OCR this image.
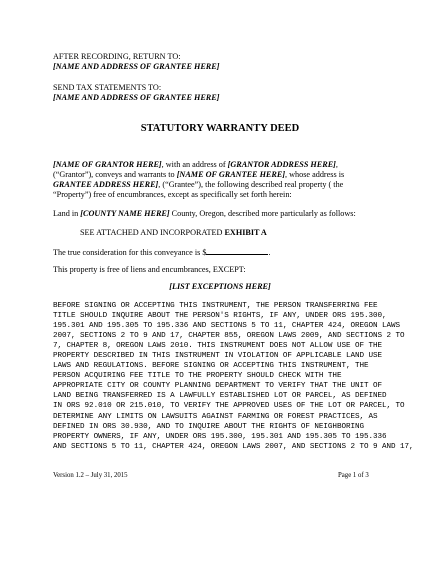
AFTER RECORDING, RETURN TO:
[NAME AND ADDRESS OF GRANTEE HERE]
SEND TAX STATEMENTS TO:
[NAME AND ADDRESS OF GRANTEE HERE]
STATUTORY WARRANTY DEED
[NAME OF GRANTOR HERE], with an address of [GRANTOR ADDRESS HERE],
(“Grantor”), conveys and warrants to [NAME OF GRANTEE HERE], whose address is
GRANTEE ADDRESS HERE], (“Grantee”), the following described real property ( the
“Property”) free of encumbrances, except as specifically set forth herein:
Land in [COUNTY NAME HERE] County, Oregon, described more particularly as follows:
SEE ATTACHED AND INCORPORATED EXHIBIT A
The true consideration for this conveyance is $	.
This property is free of liens and encumbrances, EXCEPT:
[LIST EXCEPTIONS HERE]
BEFORE SIGNING OR ACCEPTING THIS INSTRUMENT, THE PERSON TRANSFERRING FEE
TITLE SHOULD INQUIRE ABOUT THE PERSON'S RIGHTS, IF ANY, UNDER ORS 195.300,
195.301 AND 195.305 TO 195.336 AND SECTIONS 5 TO 11, CHAPTER 424, OREGON LAWS
2007, SECTIONS 2 TO 9 AND 17, CHAPTER 855, OREGON LAWS 2009, AND SECTIONS 2 TO
7, CHAPTER 8, OREGON LAWS 2010. THIS INSTRUMENT DOES NOT ALLOW USE OF THE
PROPERTY DESCRIBED IN THIS INSTRUMENT IN VIOLATION OF APPLICABLE LAND USE
LAWS AND REGULATIONS. BEFORE SIGNING OR ACCEPTING THIS INSTRUMENT, THE
PERSON ACQUIRING FEE TITLE TO THE PROPERTY SHOULD CHECK WITH THE
APPROPRIATE CITY OR COUNTY PLANNING DEPARTMENT TO VERIFY THAT THE UNIT OF
LAND BEING TRANSFERRED IS A LAWFULLY ESTABLISHED LOT OR PARCEL, AS DEFINED
IN ORS 92.010 OR 215.010, TO VERIFY THE APPROVED USES OF THE LOT OR PARCEL, TO
DETERMINE ANY LIMITS ON LAWSUITS AGAINST FARMING OR FOREST PRACTICES, AS
DEFINED IN ORS 30.930, AND TO INQUIRE ABOUT THE RIGHTS OF NEIGHBORING
PROPERTY OWNERS, IF ANY, UNDER ORS 195.300, 195.301 AND 195.305 TO 195.336
AND SECTIONS 5 TO 11, CHAPTER 424, OREGON LAWS 2007, AND SECTIONS 2 TO 9 AND 17,
Version 1.2 – July 31, 2015	Page 1 of 3
